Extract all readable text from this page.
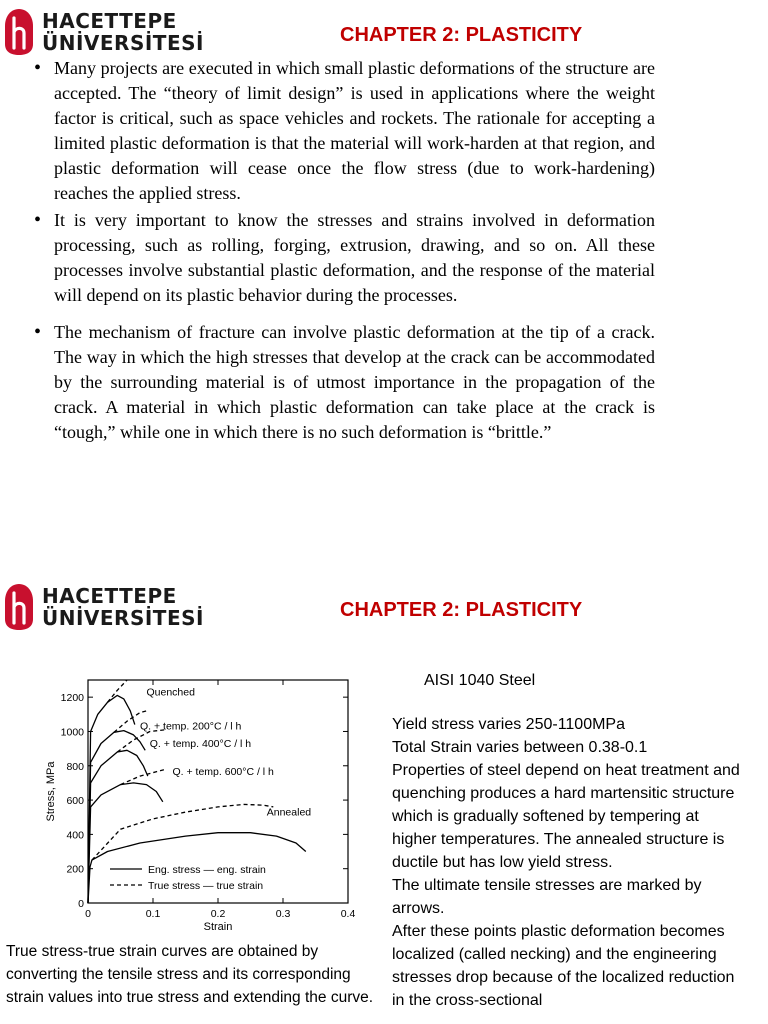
HACETTEPE
ÜNİVERSİTESİ	CHAPTER 2: PLASTICITY
• Many projects are executed in which small plastic deformations of the structure are accepted. The “theory of limit design” is used in applications where the weight factor is critical, such as space vehicles and rockets. The rationale for accepting a limited plastic deformation is that the material will work-harden at that region, and plastic deformation will cease once the flow stress (due to work-hardening) reaches the applied stress.
• It is very important to know the stresses and strains involved in deformation processing, such as rolling, forging, extrusion, drawing, and so on. All these processes involve substantial plastic deformation, and the response of the material will depend on its plastic behavior during the processes.
• The mechanism of fracture can involve plastic deformation at the tip of a crack. The way in which the high stresses that develop at the crack can be accommodated by the surrounding material is of utmost importance in the propagation of the crack. A material in which plastic deformation can take place at the crack is “tough,” while one in which there is no such deformation is “brittle.”
HACETTEPE
ÜNİVERSİTESİ	CHAPTER 2: PLASTICITY
0
200
400
600
800
1000
1200
0	0.1	0.2	0.3	0.4
Strain
Stress, MPa
Quenched
Q. + temp. 200°C / l h
Q. + temp. 400°C / l h
Q. + temp. 600°C / l h
Annealed
Eng. stress — eng. strain
True stress — true strain
True stress-true strain curves are obtained by converting the tensile stress and its corresponding strain values into true stress and extending the curve.
AISI 1040 Steel

Yield stress varies 250-1100MPa

Total Strain varies between 0.38-0.1

Properties of steel depend on heat treatment and quenching produces a hard martensitic structure which is gradually softened by tempering at higher temperatures. The annealed structure is ductile but has low yield stress.

The ultimate tensile stresses are marked by arrows.

After these points plastic deformation becomes localized (called necking) and the engineering stresses drop because of the localized reduction in the cross-sectional
